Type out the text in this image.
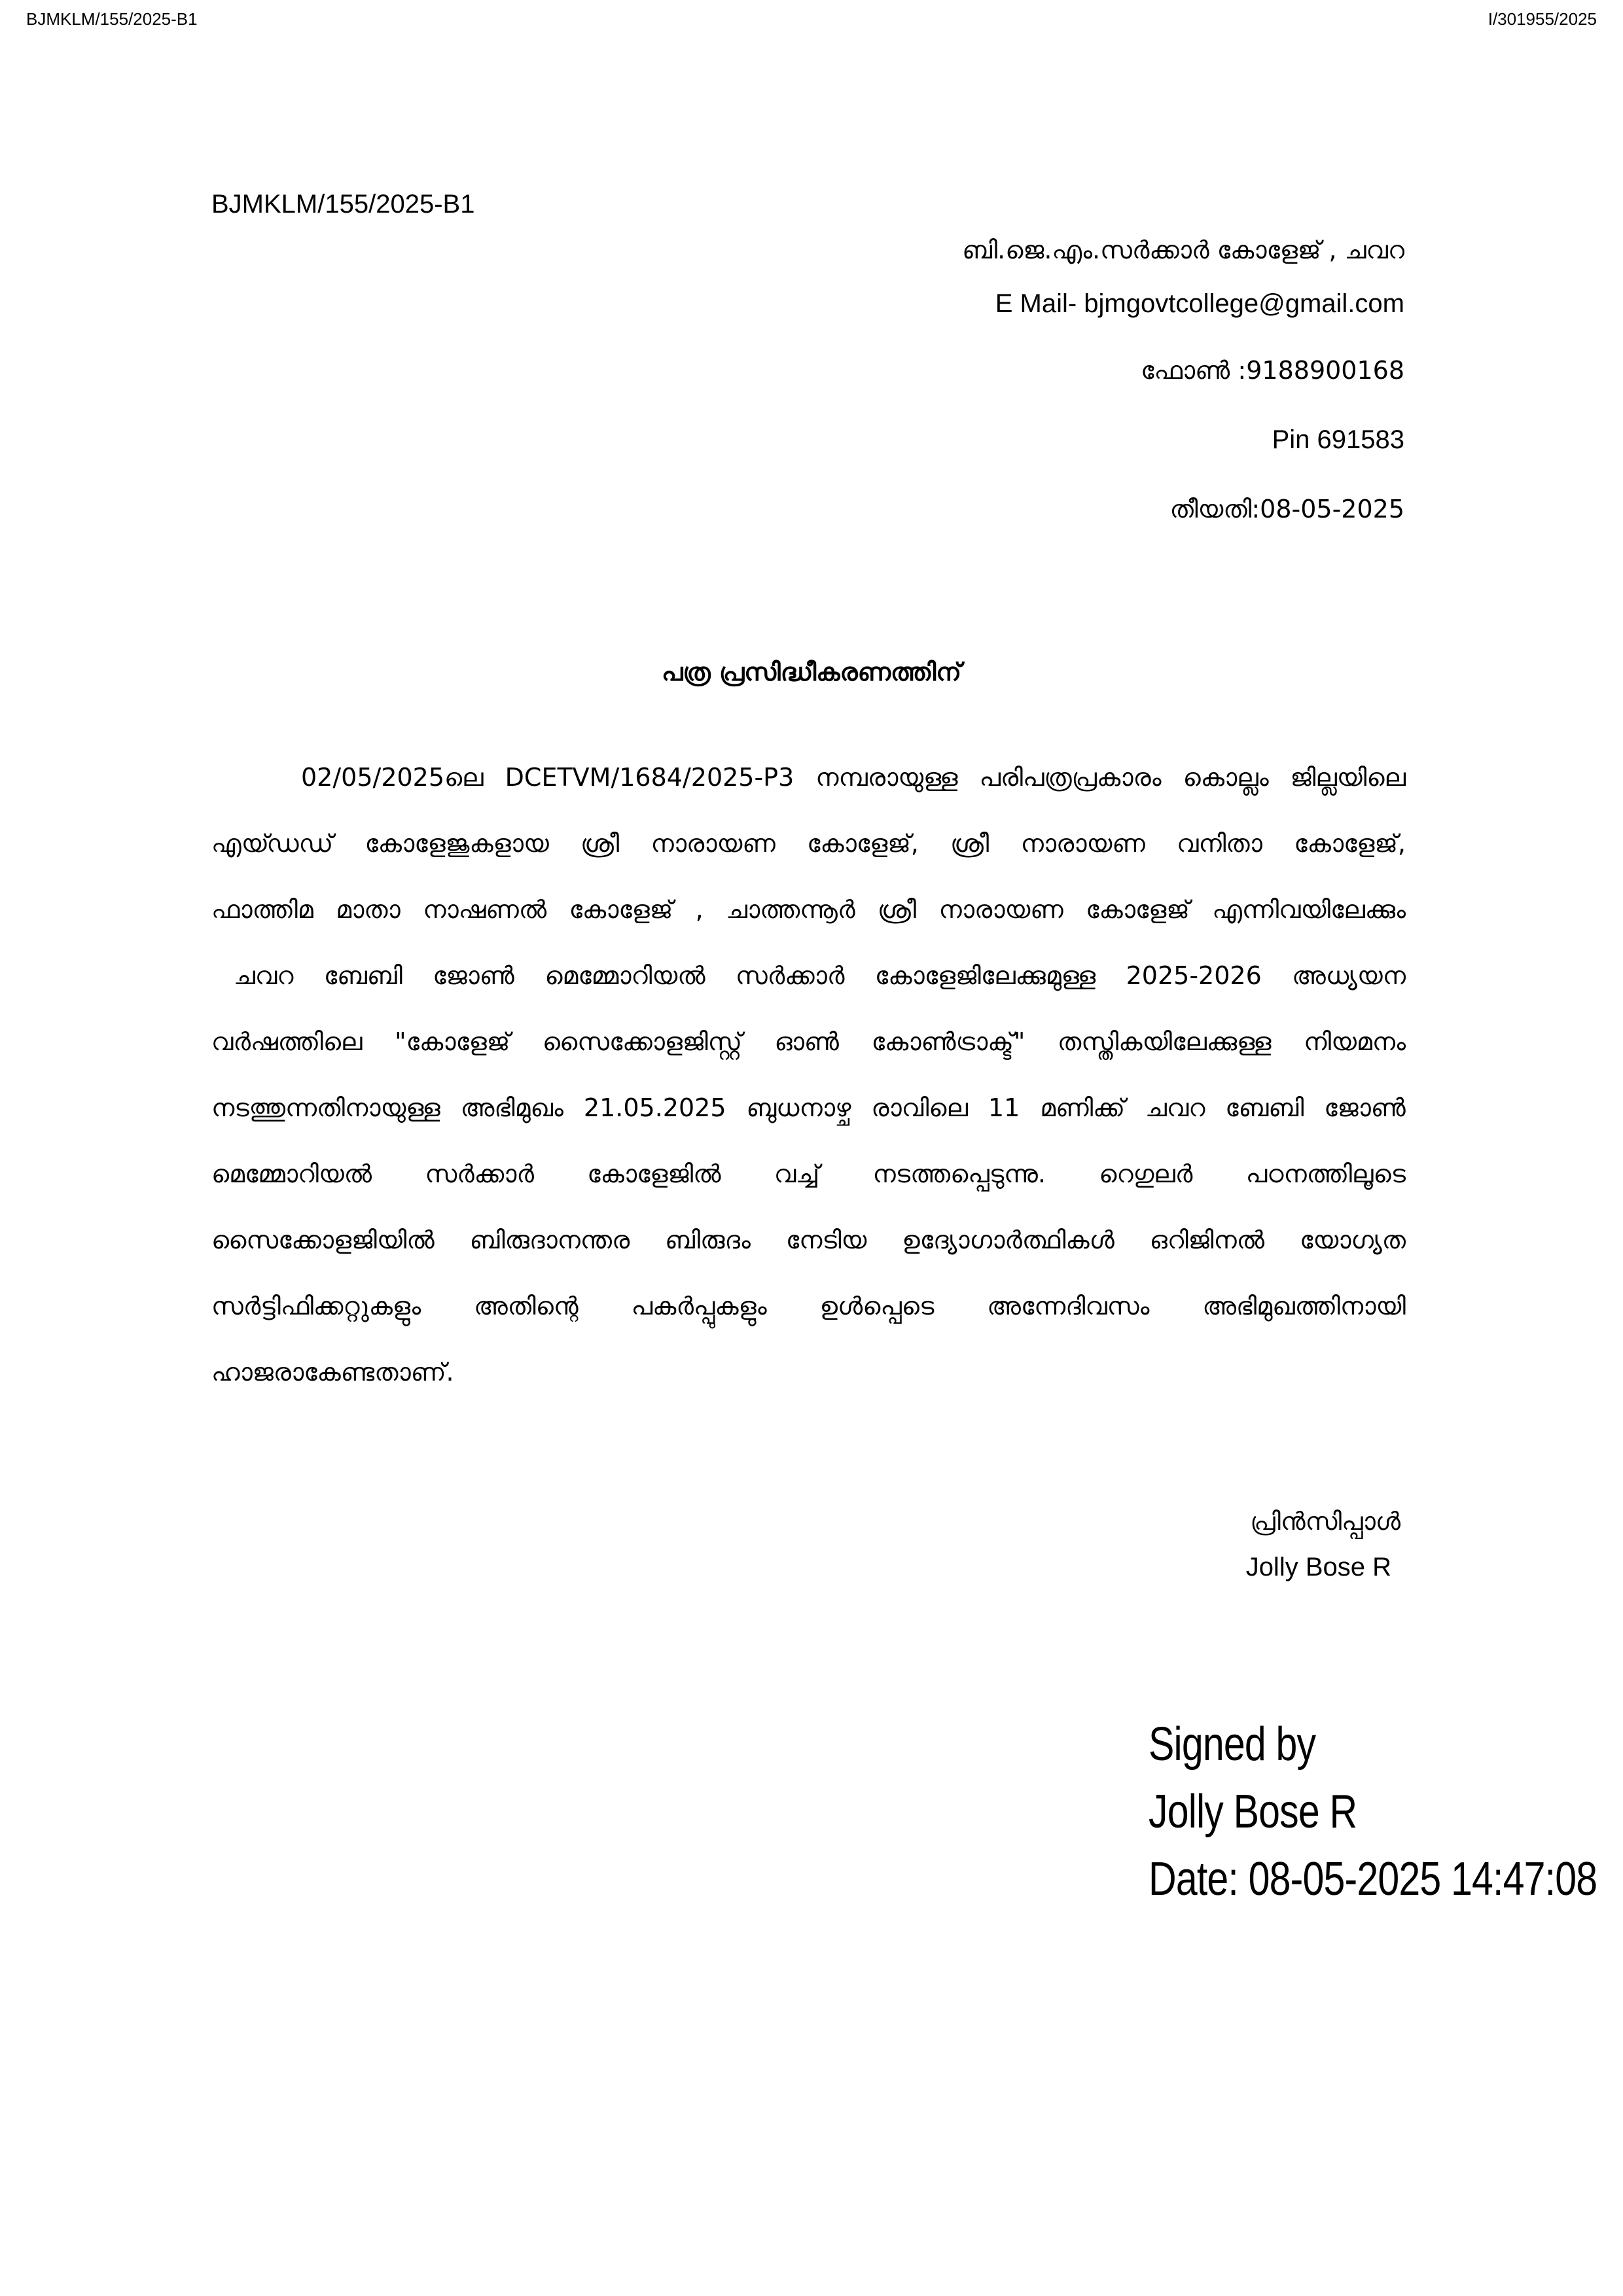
BJMKLM/155/2025-B1	I/301955/2025
BJMKLM/155/2025-B1
ബി.ജെ.എം.സർക്കാർ കോളേജ് , ചവറ
E Mail- bjmgovtcollege@gmail.com
ഫോൺ :9188900168
Pin 691583
തീയതി:08-05-2025
പത്ര പ്രസിദ്ധീകരണത്തിന്
02/05/2025ലെ DCETVM/1684/2025-P3 നമ്പരായുള്ള പരിപത്രപ്രകാരം കൊല്ലം ജില്ലയിലെ
എയ്ഡഡ് കോളേജുകളായ ശ്രീ നാരായണ കോളേജ്, ശ്രീ നാരായണ വനിതാ കോളേജ്,
ഫാത്തിമ മാതാ നാഷണൽ കോളേജ് , ചാത്തന്നൂർ ശ്രീ നാരായണ കോളേജ് എന്നിവയിലേക്കും
ചവറ ബേബി ജോൺ മെമ്മോറിയൽ സർക്കാർ കോളേജിലേക്കുമുള്ള 2025-2026 അധ്യയന
വർഷത്തിലെ "കോളേജ് സൈക്കോളജിസ്റ്റ് ഓൺ കോൺട്രാക്ട്" തസ്തികയിലേക്കുള്ള നിയമനം
നടത്തുന്നതിനായുള്ള അഭിമുഖം 21.05.2025 ബുധനാഴ്ച രാവിലെ 11 മണിക്ക് ചവറ ബേബി ജോൺ
മെമ്മോറിയൽ സർക്കാർ കോളേജിൽ വച്ച് നടത്തപ്പെടുന്നു. റെഗുലർ പഠനത്തിലൂടെ
സൈക്കോളജിയിൽ ബിരുദാനന്തര ബിരുദം നേടിയ ഉദ്യോഗാർത്ഥികൾ ഒറിജിനൽ യോഗ്യത
സർട്ടിഫിക്കറ്റുകളും അതിന്റെ പകർപ്പുകളും ഉൾപ്പെടെ അന്നേദിവസം അഭിമുഖത്തിനായി
ഹാജരാകേണ്ടതാണ്.
പ്രിൻസിപ്പാൾ
Jolly Bose R
Signed by
Jolly Bose R
Date: 08-05-2025 14:47:08
